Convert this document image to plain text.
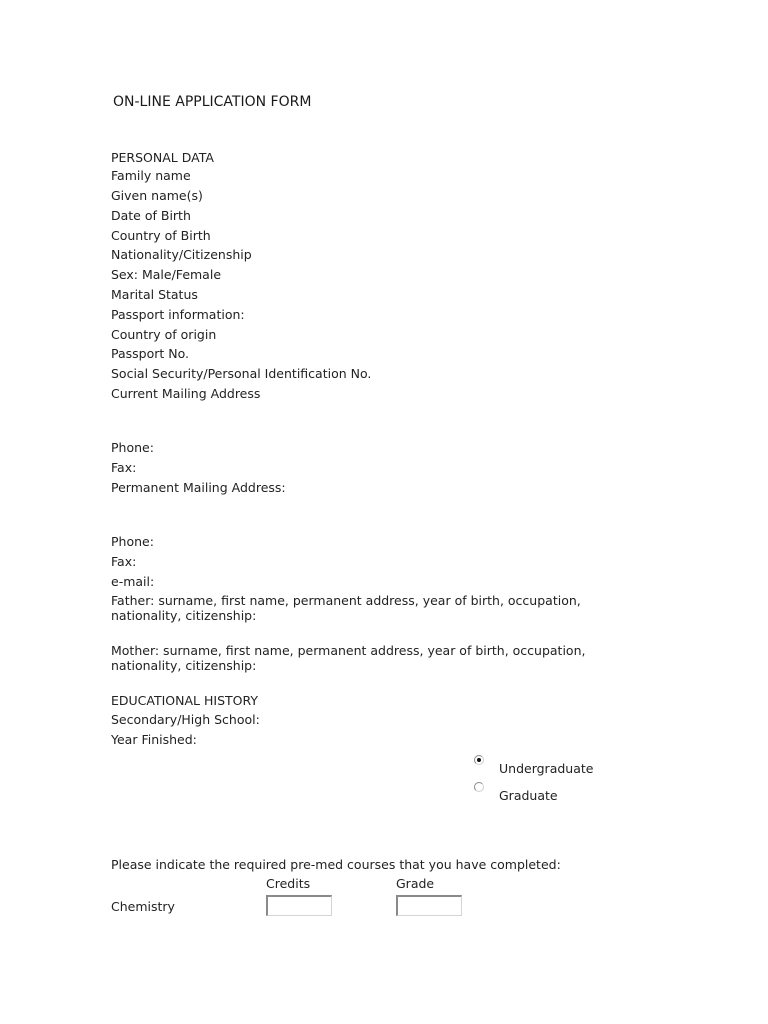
ON-LINE APPLICATION FORM
PERSONAL DATA
Family name
Given name(s)
Date of Birth
Country of Birth
Nationality/Citizenship
Sex: Male/Female
Marital Status
Passport information:
Country of origin
Passport No.
Social Security/Personal Identification No.
Current Mailing Address
Phone:
Fax:
Permanent Mailing Address:
Phone:
Fax:
e-mail:
Father: surname, first name, permanent address, year of birth, occupation, nationality, citizenship:
Mother: surname, first name, permanent address, year of birth, occupation, nationality, citizenship:
EDUCATIONAL HISTORY
Secondary/High School:
Year Finished:
Undergraduate
Graduate
Please indicate the required pre-med courses that you have completed:
Credits	Grade
Chemistry
